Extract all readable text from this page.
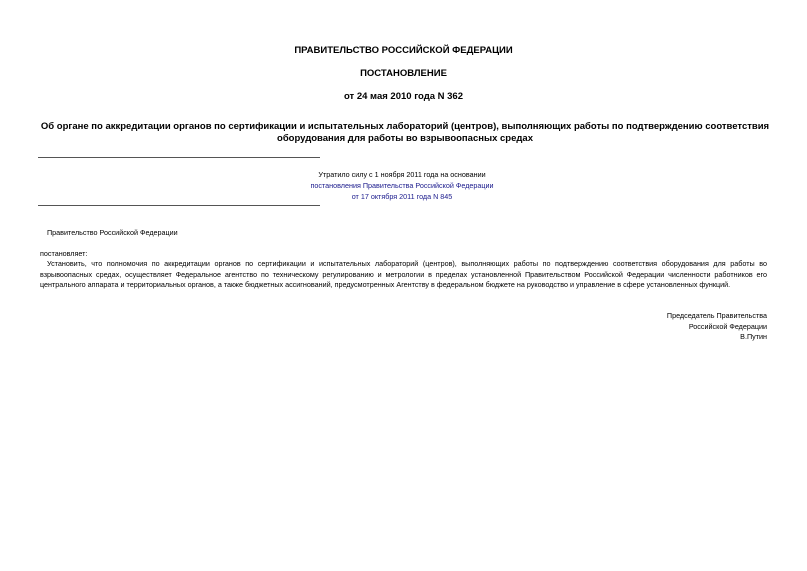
ПРАВИТЕЛЬСТВО РОССИЙСКОЙ ФЕДЕРАЦИИ
ПОСТАНОВЛЕНИЕ
от 24 мая 2010 года N 362
Об органе по аккредитации органов по сертификации и испытательных лабораторий (центров), выполняющих работы по подтверждению соответствия
оборудования для работы во взрывоопасных средах
Утратило силу с 1 ноября 2011 года на основании
постановления Правительства Российской Федерации
от 17 октября 2011 года N 845
Правительство Российской Федерации
постановляет:
Установить, что полномочия по аккредитации органов по сертификации и испытательных лабораторий (центров), выполняющих работы по подтверждению соответствия оборудования для работы во взрывоопасных средах, осуществляет Федеральное агентство по техническому регулированию и метрологии в пределах установленной Правительством Российской Федерации численности работников его центрального аппарата и территориальных органов, а также бюджетных ассигнований, предусмотренных Агентству в федеральном бюджете на руководство и управление в сфере установленных функций.
Председатель Правительства
Российской Федерации
В.Путин
